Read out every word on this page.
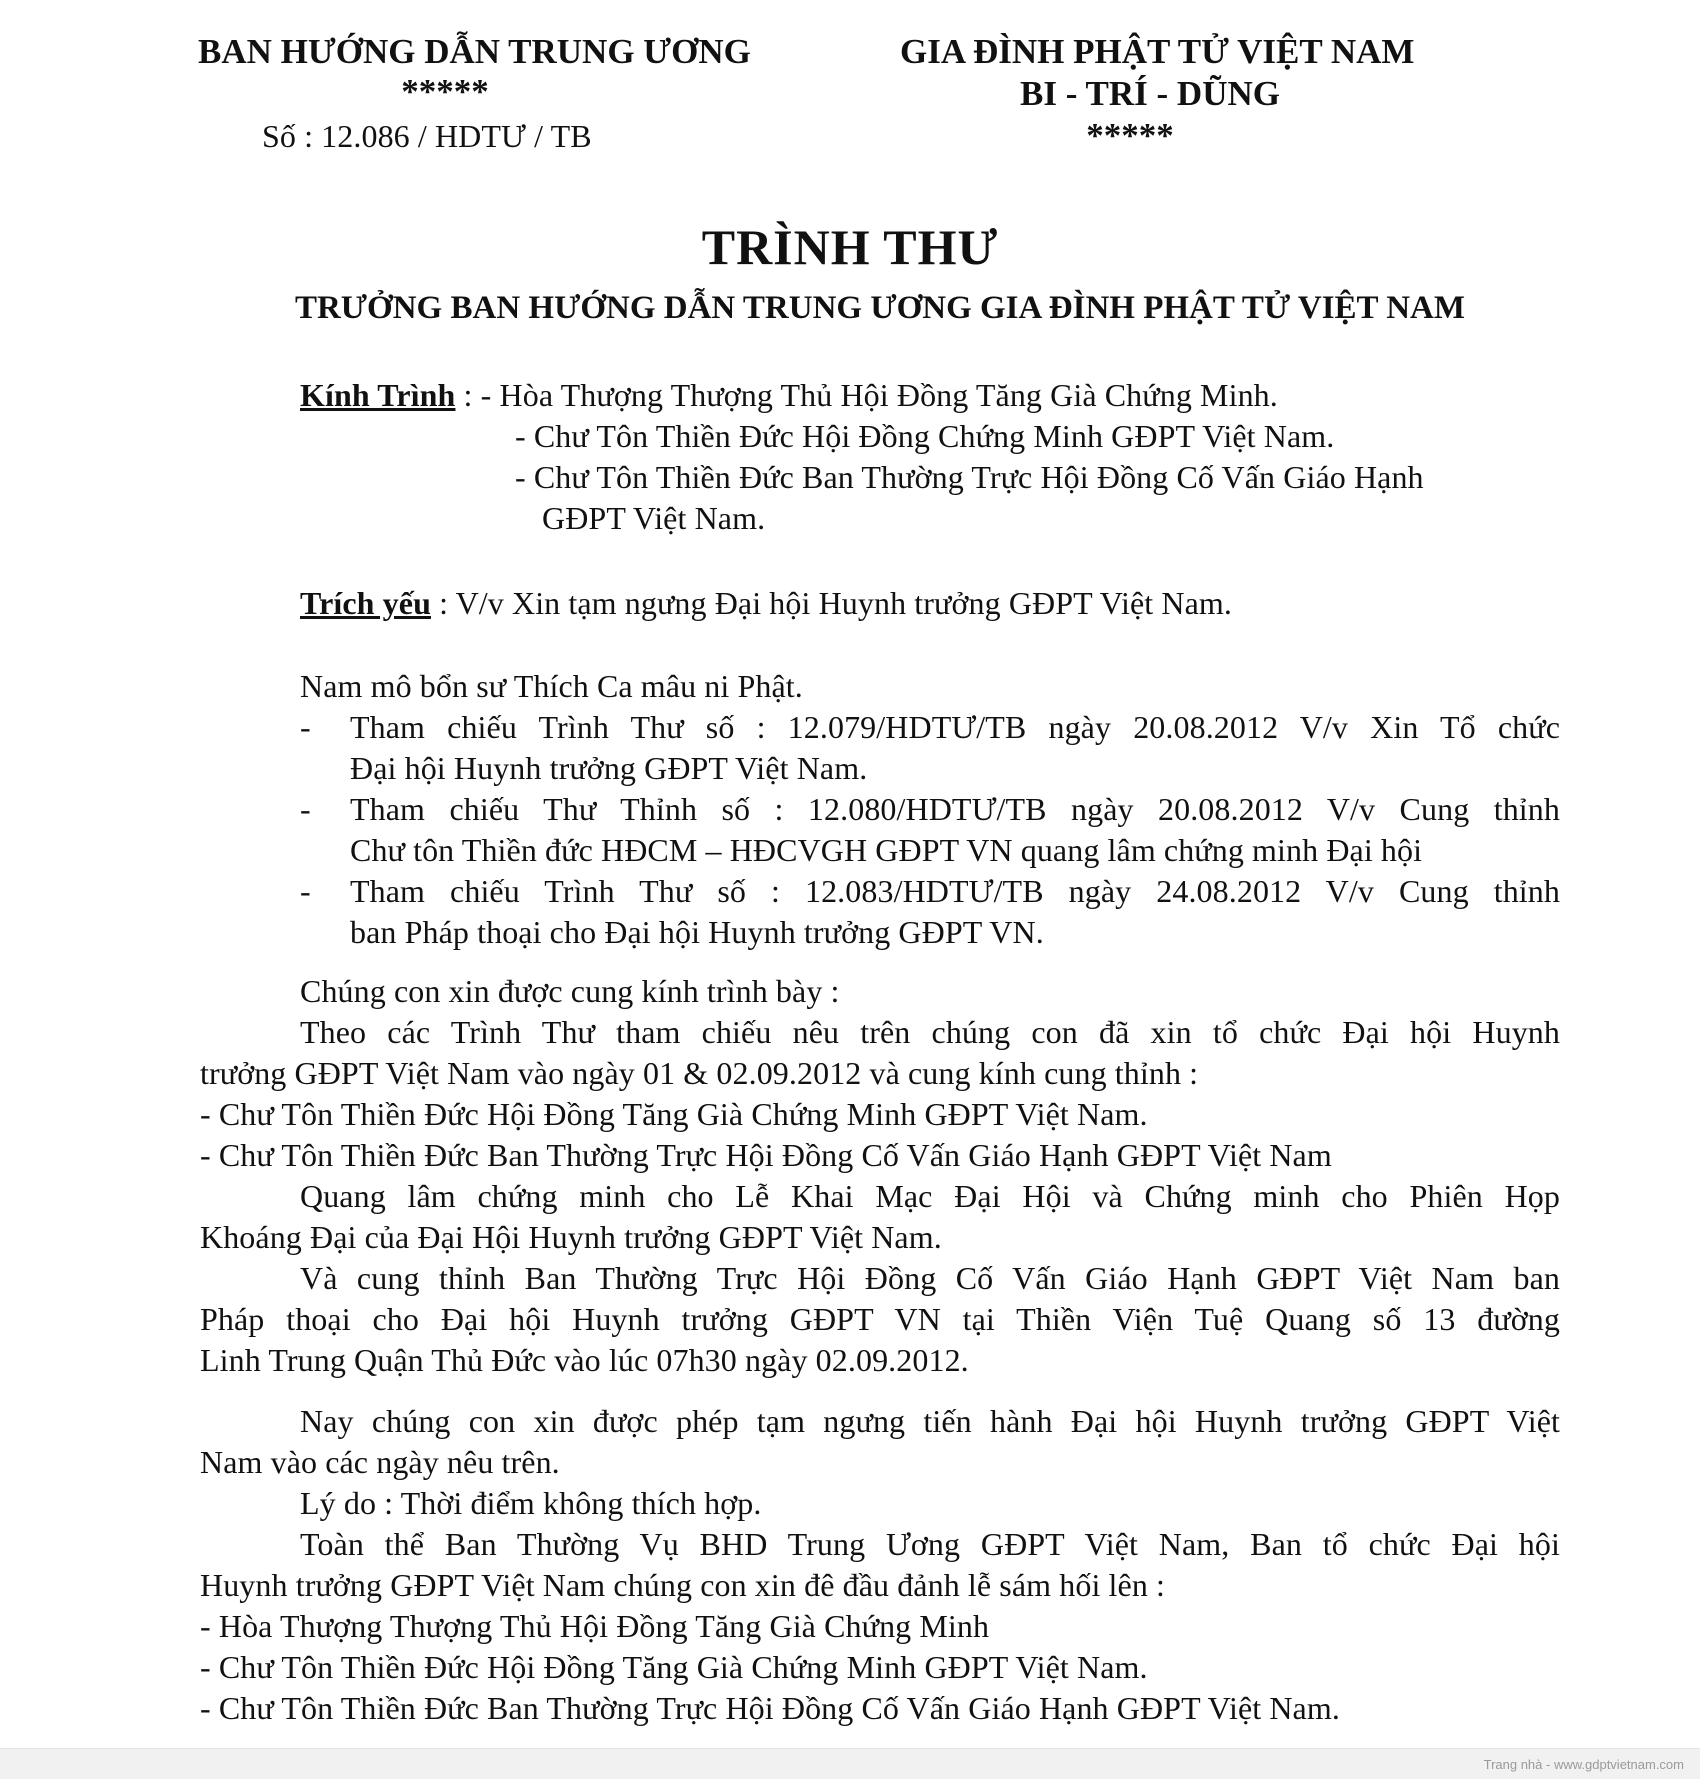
BAN HƯỚNG DẪN TRUNG ƯƠNG
*****
Số : 12.086 / HDTƯ / TB
GIA ĐÌNH PHẬT TỬ VIỆT NAM
BI - TRÍ - DŨNG
*****
TRÌNH THƯ
TRƯỞNG BAN HƯỚNG DẪN TRUNG ƯƠNG GIA ĐÌNH PHẬT TỬ VIỆT NAM
Kính Trình : - Hòa Thượng Thượng Thủ Hội Đồng Tăng Già Chứng Minh.
- Chư Tôn Thiền Đức Hội Đồng Chứng Minh GĐPT Việt Nam.
- Chư Tôn Thiền Đức Ban Thường Trực Hội Đồng Cố Vấn Giáo Hạnh
GĐPT Việt Nam.
Trích yếu : V/v Xin tạm ngưng Đại hội Huynh trưởng GĐPT Việt Nam.
Nam mô bổn sư Thích Ca mâu ni Phật.
- Tham chiếu Trình Thư số : 12.079/HDTƯ/TB ngày 20.08.2012 V/v Xin Tổ chức
Đại hội Huynh trưởng GĐPT Việt Nam.
- Tham chiếu Thư Thỉnh số : 12.080/HDTƯ/TB ngày 20.08.2012 V/v Cung thỉnh
Chư tôn Thiền đức HĐCM – HĐCVGH GĐPT VN quang lâm chứng minh Đại hội
- Tham chiếu Trình Thư số : 12.083/HDTƯ/TB ngày 24.08.2012 V/v Cung thỉnh
ban Pháp thoại cho Đại hội Huynh trưởng GĐPT VN.
Chúng con xin được cung kính trình bày :
Theo các Trình Thư tham chiếu nêu trên chúng con đã xin tổ chức Đại hội Huynh
trưởng GĐPT Việt Nam vào ngày 01 & 02.09.2012 và cung kính cung thỉnh :
- Chư Tôn Thiền Đức Hội Đồng Tăng Già Chứng Minh GĐPT Việt Nam.
- Chư Tôn Thiền Đức Ban Thường Trực Hội Đồng Cố Vấn Giáo Hạnh GĐPT Việt Nam
Quang lâm chứng minh cho Lễ Khai Mạc Đại Hội và Chứng minh cho Phiên Họp
Khoáng Đại của Đại Hội Huynh trưởng GĐPT Việt Nam.
Và cung thỉnh Ban Thường Trực Hội Đồng Cố Vấn Giáo Hạnh GĐPT Việt Nam ban
Pháp thoại cho Đại hội Huynh trưởng GĐPT VN tại Thiền Viện Tuệ Quang số 13 đường
Linh Trung Quận Thủ Đức vào lúc 07h30 ngày 02.09.2012.
Nay chúng con xin được phép tạm ngưng tiến hành Đại hội Huynh trưởng GĐPT Việt
Nam vào các ngày nêu trên.
Lý do : Thời điểm không thích hợp.
Toàn thể Ban Thường Vụ BHD Trung Ương GĐPT Việt Nam, Ban tổ chức Đại hội
Huynh trưởng GĐPT Việt Nam chúng con xin đê đầu đảnh lễ sám hối lên :
- Hòa Thượng Thượng Thủ Hội Đồng Tăng Già Chứng Minh
- Chư Tôn Thiền Đức Hội Đồng Tăng Già Chứng Minh GĐPT Việt Nam.
- Chư Tôn Thiền Đức Ban Thường Trực Hội Đồng Cố Vấn Giáo Hạnh GĐPT Việt Nam.
Trang nhà - www.gdptvietnam.com
